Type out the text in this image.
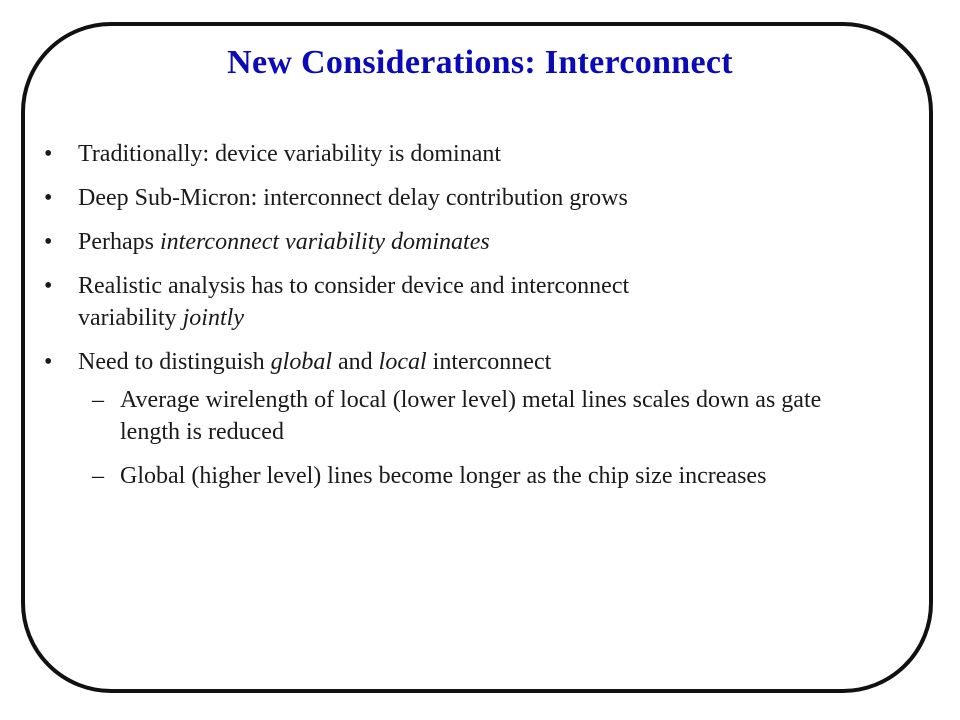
New Considerations: Interconnect
•	Traditionally: device variability is dominant
•	Deep Sub-Micron: interconnect delay contribution grows
•	Perhaps interconnect variability dominates
•	Realistic analysis has to consider device and interconnect
variability jointly
•	Need to distinguish global and local interconnect
– Average wirelength of local (lower level) metal lines scales down as gate length is reduced
– Global (higher level) lines become longer as the chip size increases
